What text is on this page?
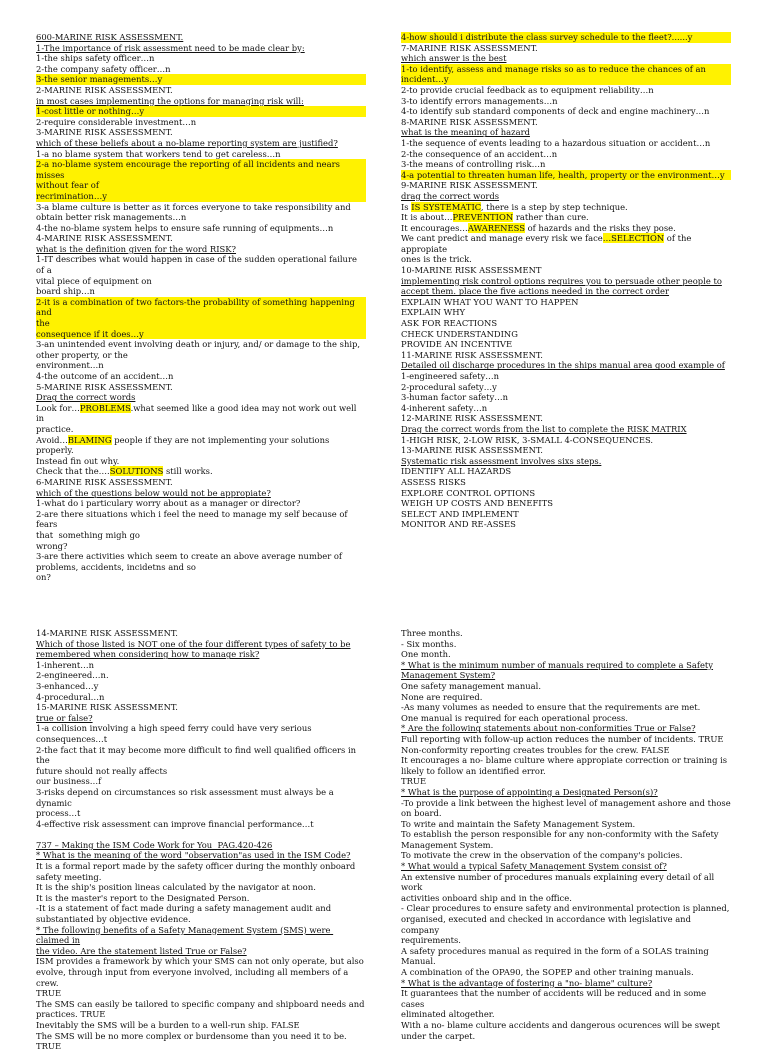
600-MARINE RISK ASSESSMENT.
1-The importance of risk assessment need to be made clear by:
1-the ships safety officer…n
2-the company safety officer…n
3-the senior managements…y
2-MARINE RISK ASSESSMENT.
in most cases implementing the options for managing risk will:
1-cost little or nothing…y
2-require considerable investment…n
3-MARINE RISK ASSESSMENT.
which of these beliefs about a no-blame reporting system are justified?
1-a no blame system that workers tend to get careless…n
2-a no-blame system encourage the reporting of all incidents and nears misses
without fear of
recrimination…y
3-a blame culture is better as it forces everyone to take responsibility and
obtain better risk managements…n
4-the no-blame system helps to ensure safe running of equipments…n
4-MARINE RISK ASSESSMENT.
what is the definition given for the word RISK?
1-IT describes what would happen in case of the sudden operational failure of a
vital piece of equipment on
board ship…n
2-it is a combination of two factors-the probability of something happening and
the
consequence if it does…y
3-an unintended event involving death or injury, and/ or damage to the ship,
other property, or the
environment…n
4-the outcome of an accident…n
5-MARINE RISK ASSESSMENT.
Drag the correct words
Look for…PROBLEMS.what seemed like a good idea may not work out well in
practice.
Avoid…BLAMING people if they are not implementing your solutions properly.
Instead fin out why.
Check that the….SOLUTIONS still works.
6-MARINE RISK ASSESSMENT.
which of the questions below would not be appropiate?
1-what do i particulary worry about as a manager or director?
2-are there situations which i feel the need to manage my self because of fears
that  something migh go
wrong?
3-are there activities which seem to create an above average number of
problems, accidents, incidetns and so
on?
4-how should i distribute the class survey schedule to the fleet?......y
7-MARINE RISK ASSESSMENT.
which answer is the best
1-to identify, assess and manage risks so as to reduce the chances of an
incident…y
2-to provide crucial feedback as to equipment reliability…n
3-to identify errors managements…n
4-to identify sub standard components of deck and engine machinery…n
8-MARINE RISK ASSESSMENT.
what is the meaning of hazard
1-the sequence of events leading to a hazardous situation or accident…n
2-the consequence of an accident…n
3-the means of controlling risk…n
4-a potential to threaten human life, health, property or the environment…y
9-MARINE RISK ASSESSMENT.
drag the correct words
Is IS SYSTEMATIC, there is a step by step technique.
It is about…PREVENTION rather than cure.
It encourages…AWARENESS of hazards and the risks they pose.
We cant predict and manage every risk we face…SELECTION of the appropiate
ones is the trick.
10-MARINE RISK ASSESSMENT
implementing risk control options requires you to persuade other people to
accept them. place the five actions needed in the correct order
EXPLAIN WHAT YOU WANT TO HAPPEN
EXPLAIN WHY
ASK FOR REACTIONS
CHECK UNDERSTANDING
PROVIDE AN INCENTIVE
11-MARINE RISK ASSESSMENT.
Detailed oil discharge procedures in the ships manual area good example of
1-engineered safety…n
2-procedural safety…y
3-human factor safety…n
4-inherent safety…n
12-MARINE RISK ASSESSMENT.
Drag the correct words from the list to complete the RISK MATRIX
1-HIGH RISK, 2-LOW RISK, 3-SMALL 4-CONSEQUENCES.
13-MARINE RISK ASSESSMENT.
Systematic risk assessment involves sixs steps.
IDENTIFY ALL HAZARDS
ASSESS RISKS
EXPLORE CONTROL OPTIONS
WEIGH UP COSTS AND BENEFITS
SELECT AND IMPLEMENT
MONITOR AND RE-ASSES
14-MARINE RISK ASSESSMENT.
Which of those listed is NOT one of the four different types of safety to be
remembered when considering how to manage risk?
1-inherent…n
2-engineered…n.
3-enhanced…y
4-procedural…n
15-MARINE RISK ASSESSMENT.
true or false?
1-a collision involving a high speed ferry could have very serious
consequences…t
2-the fact that it may become more difficult to find well qualified officers in the
future should not really affects
our business…f
3-risks depend on circumstances so risk assessment must always be a dynamic
process…t
4-effective risk assessment can improve financial performance…t

737 – Making the ISM Code Work for You  PAG.420-426
* What is the meaning of the word "observation"as used in the ISM Code?
It is a formal report made by the safety officer during the monthly onboard
safety meeting.
It is the ship's position lineas calculated by the navigator at noon.
It is the master's report to the Designated Person.
-It is a statement of fact made during a safety management audit and
substantiated by objective evidence.
* The following benefits of a Safety Management System (SMS) were claimed in
the video. Are the statement listed True or False?
ISM provides a framework by which your SMS can not only operate, but also
evolve, through input from everyone involved, including all members of a crew.
TRUE
The SMS can easily be tailored to specific company and shipboard needs and
practices. TRUE
Inevitably the SMS will be a burden to a well-run ship. FALSE
The SMS will be no more complex or burdensome than you need it to be. TRUE
Three months.
- Six months.
One month.
* What is the minimum number of manuals required to complete a Safety
Management System?
One safety management manual.
None are required.
-As many volumes as needed to ensure that the requirements are met.
One manual is required for each operational process.
* Are the following statements about non-conformities True or False?
Full reporting with follow-up action reduces the number of incidents. TRUE
Non-conformity reporting creates troubles for the crew. FALSE
It encourages a no- blame culture where appropiate correction or training is
likely to follow an identified error.
TRUE
* What is the purpose of appointing a Designated Person(s)?
-To provide a link between the highest level of management ashore and those
on board.
To write and maintain the Safety Management System.
To establish the person responsible for any non-conformity with the Safety
Management System.
To motivate the crew in the observation of the company's policies.
* What would a typical Safety Management System consist of?
An extensive number of procedures manuals explaining every detail of all work
activities onboard ship and in the office.
- Clear procedures to ensure safety and environmental protection is planned,
organised, executed and checked in accordance with legislative and company
requirements.
A safety procedures manual as required in the form of a SOLAS training Manual.
A combination of the OPA90, the SOPEP and other training manuals.
* What is the advantage of fostering a "no- blame" culture?
It guarantees that the number of accidents will be reduced and in some cases
eliminated altogether.
With a no- blame culture accidents and dangerous ocurences will be swept
under the carpet.
